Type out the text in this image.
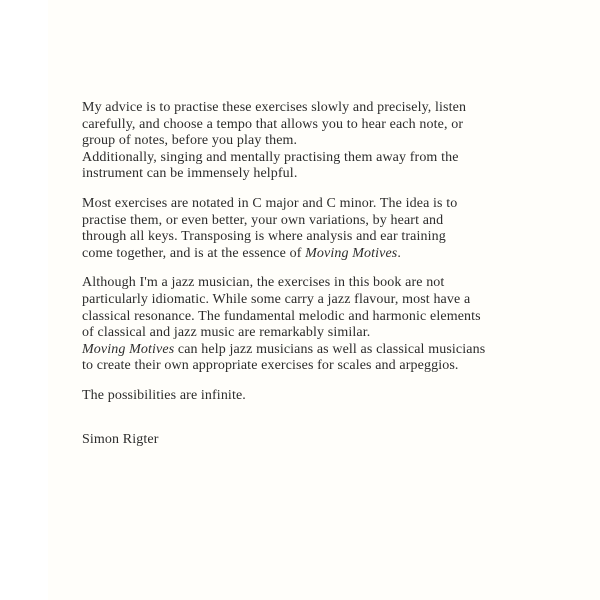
My advice is to practise these exercises slowly and precisely, listen
carefully, and choose a tempo that allows you to hear each note, or
group of notes, before you play them.
Additionally, singing and mentally practising them away from the
instrument can be immensely helpful.
Most exercises are notated in C major and C minor. The idea is to
practise them, or even better, your own variations, by heart and
through all keys. Transposing is where analysis and ear training
come together, and is at the essence of Moving Motives.
Although I'm a jazz musician, the exercises in this book are not
particularly idiomatic. While some carry a jazz flavour, most have a
classical resonance. The fundamental melodic and harmonic elements
of classical and jazz music are remarkably similar.
Moving Motives can help jazz musicians as well as classical musicians
to create their own appropriate exercises for scales and arpeggios.
The possibilities are infinite.
Simon Rigter
